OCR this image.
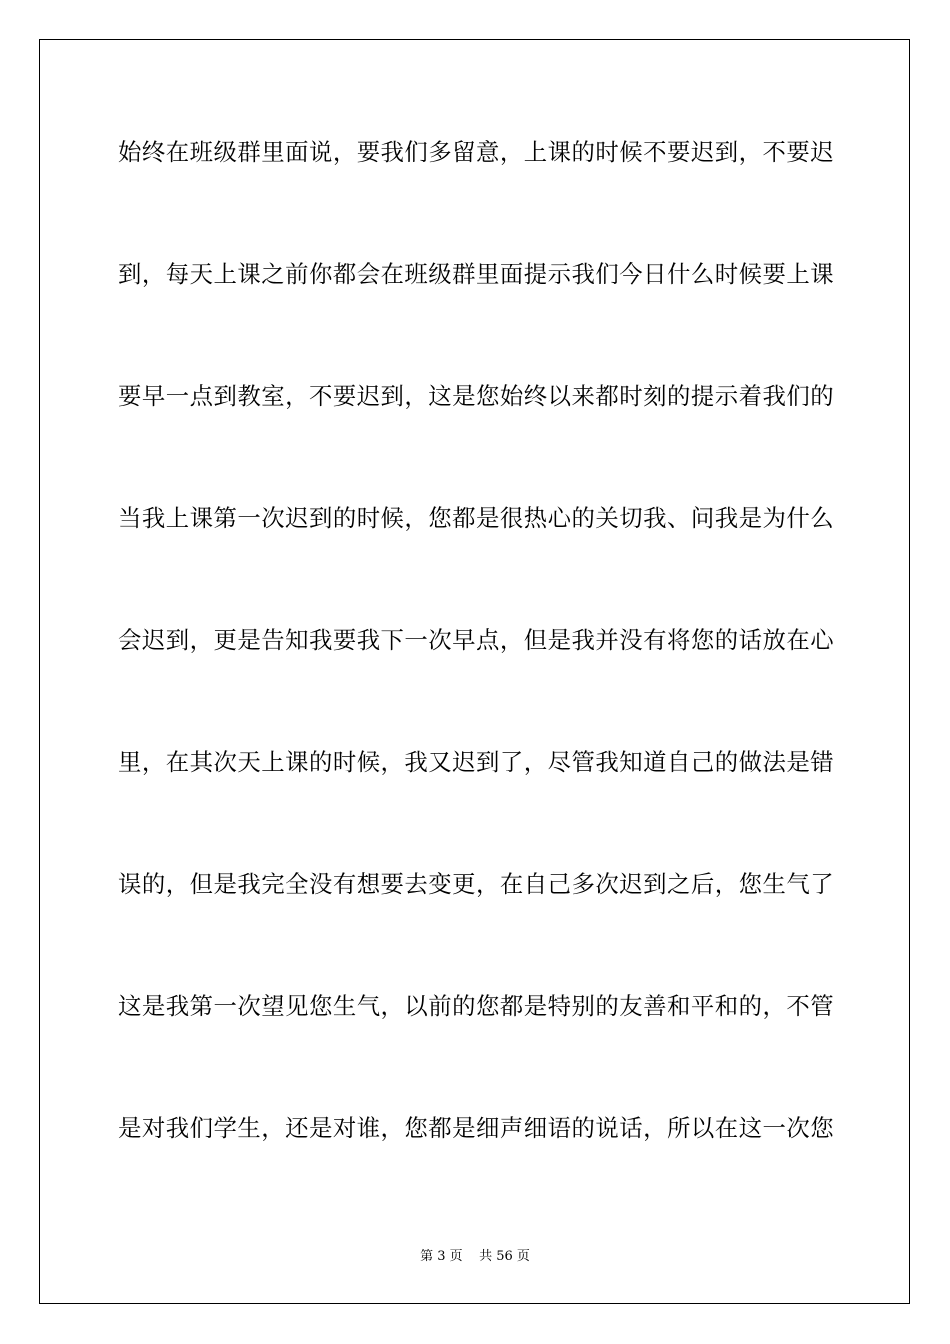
始终在班级群里面说，要我们多留意，上课的时候不要迟到，不要迟
到，每天上课之前你都会在班级群里面提示我们今日什么时候要上课
要早一点到教室，不要迟到，这是您始终以来都时刻的提示着我们的
当我上课第一次迟到的时候，您都是很热心的关切我、问我是为什么
会迟到，更是告知我要我下一次早点，但是我并没有将您的话放在心
里，在其次天上课的时候，我又迟到了，尽管我知道自己的做法是错
误的，但是我完全没有想要去变更，在自己多次迟到之后，您生气了
这是我第一次望见您生气，以前的您都是特别的友善和平和的，不管
是对我们学生，还是对谁，您都是细声细语的说话，所以在这一次您
第 3 页    共 56 页
